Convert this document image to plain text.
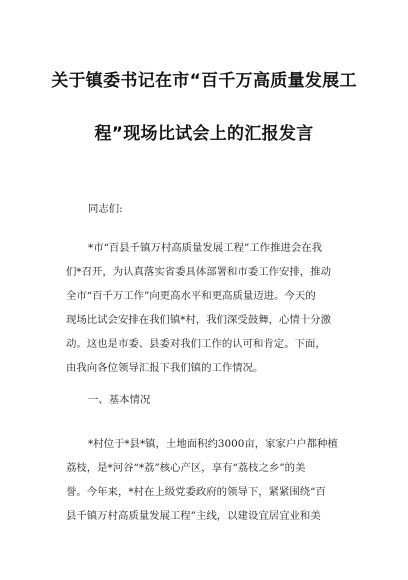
关于镇委书记在市“百千万高质量发展工
程”现场比试会上的汇报发言
同志们:
*市“百县千镇万村高质量发展工程”工作推进会在我
们*召开，为认真落实省委具体部署和市委工作安排，推动
全市“百千万工作”向更高水平和更高质量迈进。今天的
现场比试会安排在我们镇*村，我们深受鼓舞，心情十分激
动。这也是市委、县委对我们工作的认可和肯定。下面，
由我向各位领导汇报下我们镇的工作情况。
一、基本情况
*村位于*县*镇，土地面积约3000亩，家家户户都种植
荔枝，是*河谷“*荔”核心产区，享有“荔枝之乡”的美
誉。今年来，*村在上级党委政府的领导下，紧紧围绕“百
县千镇万村高质量发展工程”主线，以建设宜居宜业和美
